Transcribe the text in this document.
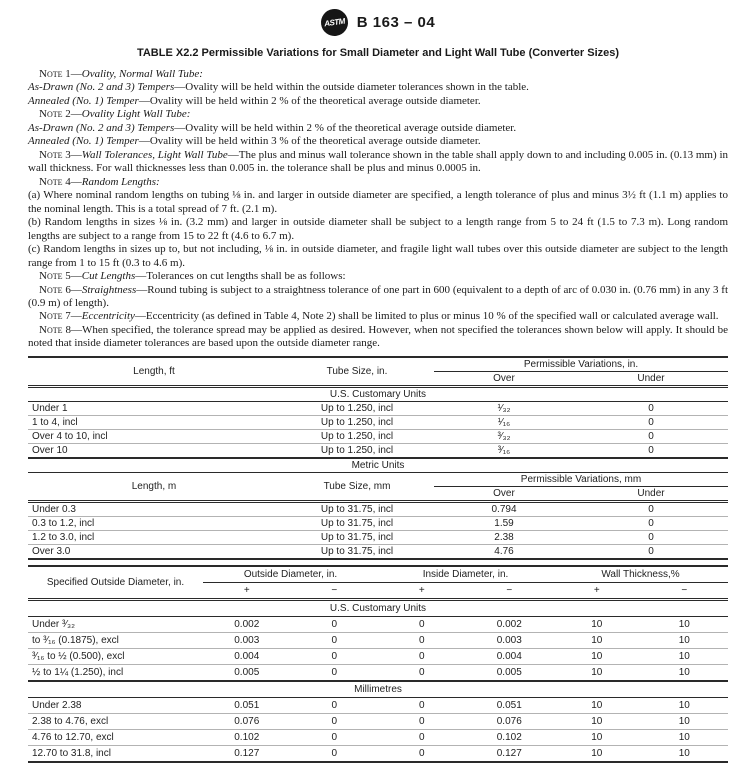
ASTM B 163 – 04
TABLE X2.2 Permissible Variations for Small Diameter and Light Wall Tube (Converter Sizes)

Note 1—Ovality, Normal Wall Tube:

As-Drawn (No. 2 and 3) Tempers—Ovality will be held within the outside diameter tolerances shown in the table.

Annealed (No. 1) Temper—Ovality will be held within 2 % of the theoretical average outside diameter.

Note 2—Ovality Light Wall Tube:

As-Drawn (No. 2 and 3) Tempers—Ovality will be held within 2 % of the theoretical average outside diameter.

Annealed (No. 1) Temper—Ovality will be held within 3 % of the theoretical average outside diameter.

Note 3—Wall Tolerances, Light Wall Tube—The plus and minus wall tolerance shown in the table shall apply down to and including 0.005 in. (0.13 mm) in wall thickness. For wall thicknesses less than 0.005 in. the tolerance shall be plus and minus 0.0005 in.

Note 4—Random Lengths:

(a) Where nominal random lengths on tubing ⅛ in. and larger in outside diameter are specified, a length tolerance of plus and minus 3½ ft (1.1 m) applies to the nominal length. This is a total spread of 7 ft. (2.1 m).

(b) Random lengths in sizes ⅛ in. (3.2 mm) and larger in outside diameter shall be subject to a length range from 5 to 24 ft (1.5 to 7.3 m). Long random lengths are subject to a range from 15 to 22 ft (4.6 to 6.7 m).

(c) Random lengths in sizes up to, but not including, ⅛ in. in outside diameter, and fragile light wall tubes over this outside diameter are subject to the length range from 1 to 15 ft (0.3 to 4.6 m).

Note 5—Cut Lengths—Tolerances on cut lengths shall be as follows:

Note 6—Straightness—Round tubing is subject to a straightness tolerance of one part in 600 (equivalent to a depth of arc of 0.030 in. (0.76 mm) in any 3 ft (0.9 m) of length).

Note 7—Eccentricity—Eccentricity (as defined in Table 4, Note 2) shall be limited to plus or minus 10 % of the specified wall or calculated average wall.

Note 8—When specified, the tolerance spread may be applied as desired. However, when not specified the tolerances shown below will apply. It should be noted that inside diameter tolerances are based upon the outside diameter range.

Length, ft	Tube Size, in.	Permissible Variations, in.	
		Over	Under
U.S. Customary Units			
Under 1	Up to 1.250, incl	¹⁄₃₂	0
1 to 4, incl	Up to 1.250, incl	¹⁄₁₆	0
Over 4 to 10, incl	Up to 1.250, incl	³⁄₃₂	0
Over 10	Up to 1.250, incl	³⁄₁₆	0
Metric Units			
Length, m	Tube Size, mm	Permissible Variations, mm	
		Over	Under
Under 0.3	Up to 31.75, incl	0.794	0
0.3 to 1.2, incl	Up to 31.75, incl	1.59	0
1.2 to 3.0, incl	Up to 31.75, incl	2.38	0
Over 3.0	Up to 31.75, incl	4.76	0
Specified Outside Diameter, in.	Outside Diameter, in.		Inside Diameter, in.		Wall Thickness,%	
	+	−	+	−	+	−
U.S. Customary Units						
Under ³⁄₃₂	0.002	0	0	0.002	10	10
to ³⁄₁₆ (0.1875), excl	0.003	0	0	0.003	10	10
³⁄₁₆ to ½ (0.500), excl	0.004	0	0	0.004	10	10
½ to 1¼ (1.250), incl	0.005	0	0	0.005	10	10
Millimetres						
Under 2.38	0.051	0	0	0.051	10	10
2.38 to 4.76, excl	0.076	0	0	0.076	10	10
4.76 to 12.70, excl	0.102	0	0	0.102	10	10
12.70 to 31.8, incl	0.127	0	0	0.127	10	10
